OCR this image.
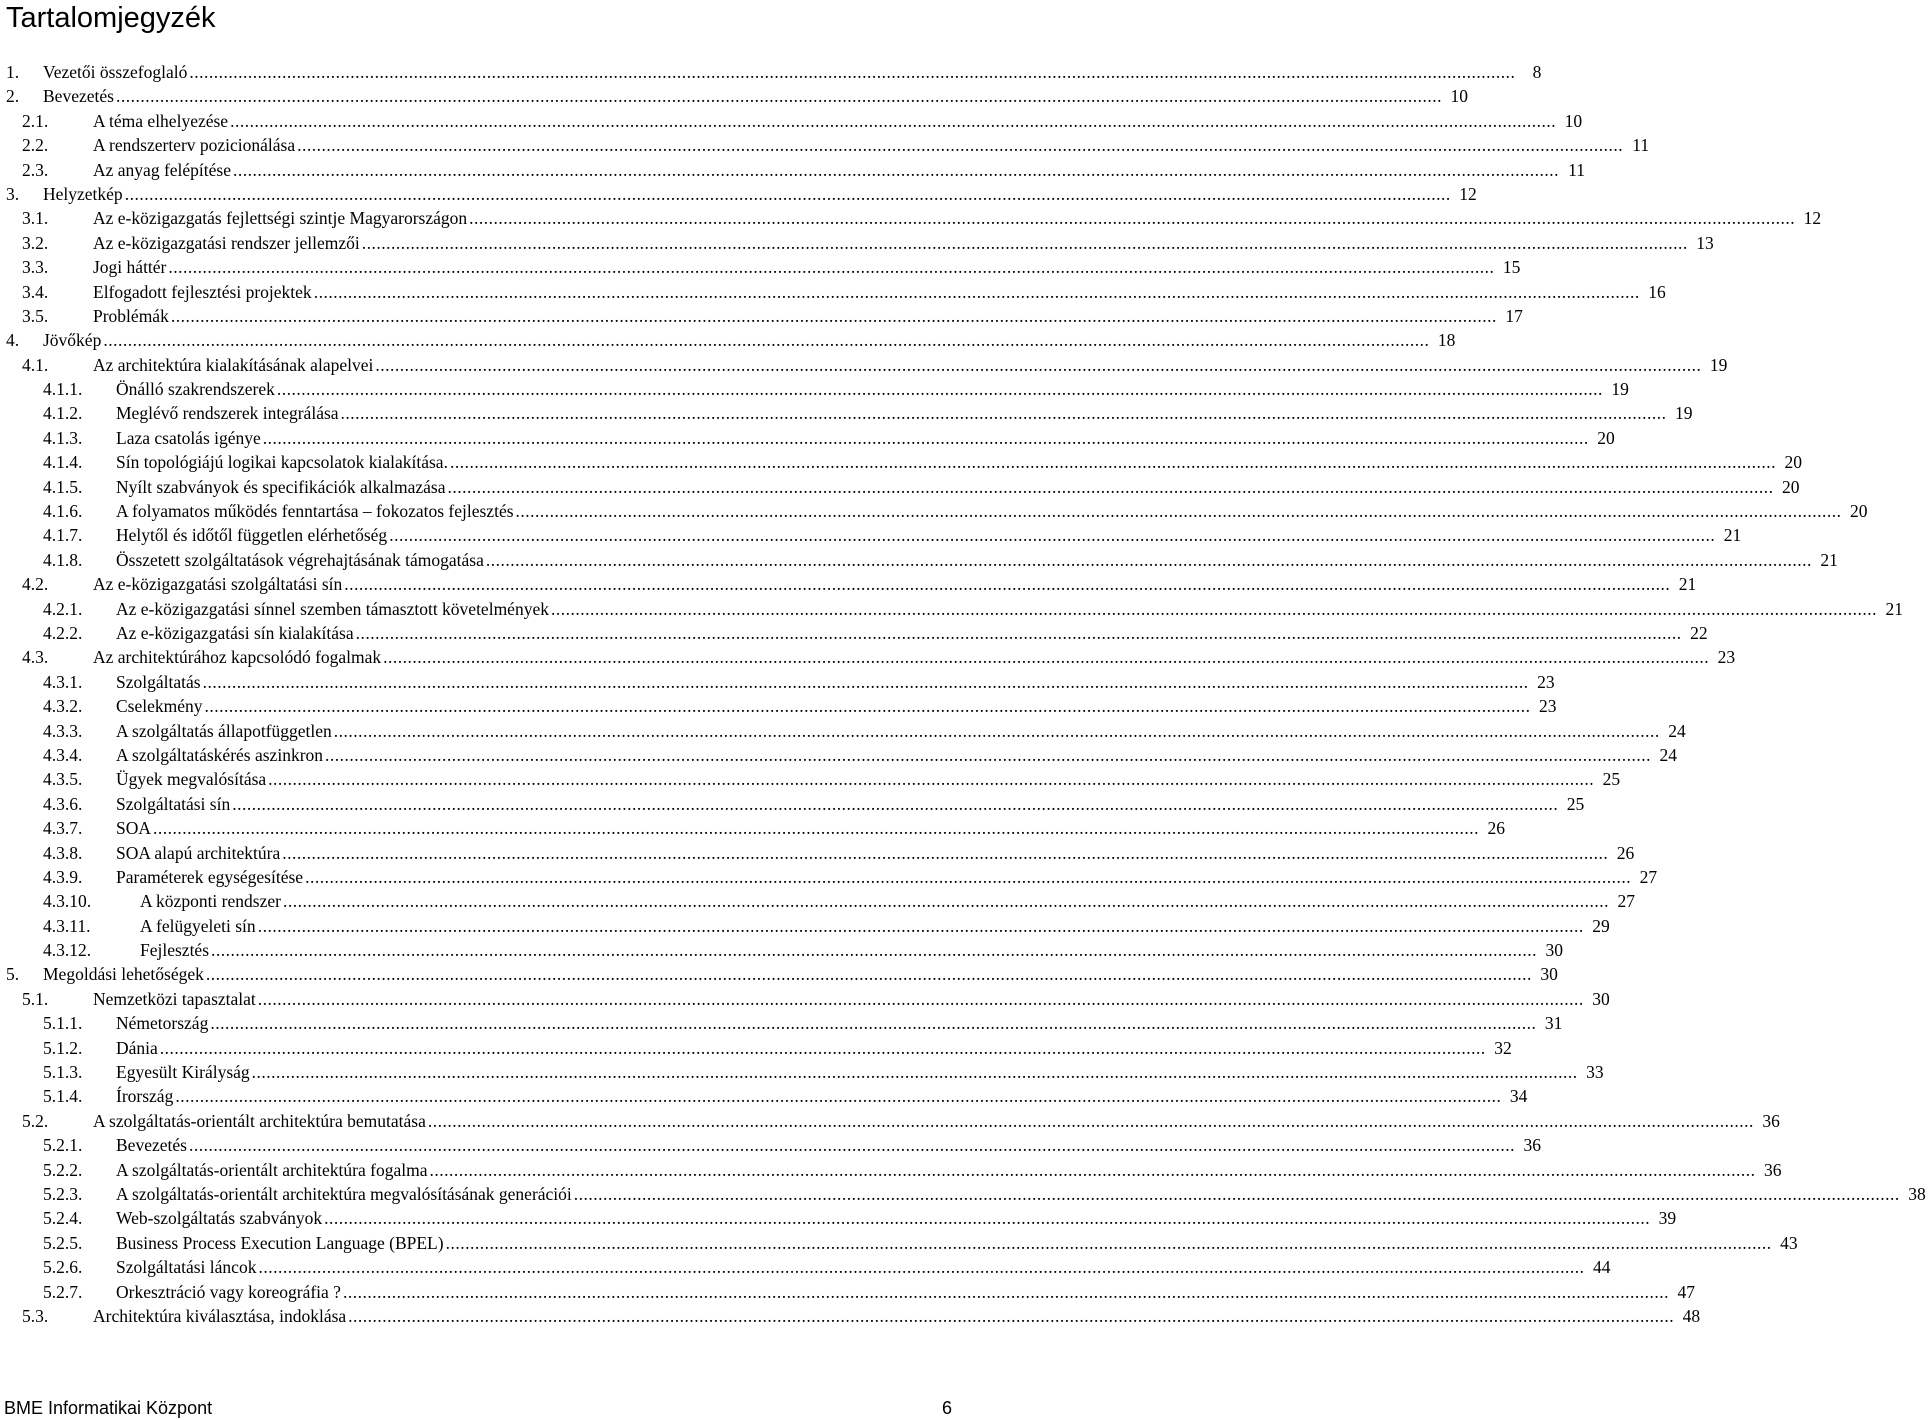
Tartalomjegyzék
1.	Vezetői összefoglaló .....	8
2.	Bevezetés .....	10
2.1.	A téma elhelyezése .....	10
2.2.	A rendszerterv pozicionálása .....	11
2.3.	Az anyag felépítése .....	11
3.	Helyzetkép .....	12
3.1.	Az e-közigazgatás fejlettségi szintje Magyarországon .....	12
3.2.	Az e-közigazgatási rendszer jellemzői .....	13
3.3.	Jogi háttér .....	15
3.4.	Elfogadott fejlesztési projektek .....	16
3.5.	Problémák .....	17
4.	Jövőkép .....	18
4.1.	Az architektúra kialakításának alapelvei .....	19
4.1.1.	Önálló szakrendszerek .....	19
4.1.2.	Meglévő rendszerek integrálása .....	19
4.1.3.	Laza csatolás igénye .....	20
4.1.4.	Sín topológiájú logikai kapcsolatok kialakítása. .....	20
4.1.5.	Nyílt szabványok és specifikációk alkalmazása .....	20
4.1.6.	A folyamatos működés fenntartása – fokozatos fejlesztés .....	20
4.1.7.	Helytől és időtől független elérhetőség .....	21
4.1.8.	Összetett szolgáltatások végrehajtásának támogatása .....	21
4.2.	Az e-közigazgatási szolgáltatási sín .....	21
4.2.1.	Az e-közigazgatási sínnel szemben támasztott követelmények .....	21
4.2.2.	Az e-közigazgatási sín kialakítása .....	22
4.3.	Az architektúrához kapcsolódó fogalmak .....	23
4.3.1.	Szolgáltatás .....	23
4.3.2.	Cselekmény .....	23
4.3.3.	A szolgáltatás állapotfüggetlen .....	24
4.3.4.	A szolgáltatáskérés aszinkron .....	24
4.3.5.	Ügyek megvalósítása .....	25
4.3.6.	Szolgáltatási sín .....	25
4.3.7.	SOA .....	26
4.3.8.	SOA alapú architektúra .....	26
4.3.9.	Paraméterek egységesítése .....	27
4.3.10.	A központi rendszer .....	27
4.3.11.	A felügyeleti sín .....	29
4.3.12.	Fejlesztés .....	30
5.	Megoldási lehetőségek .....	30
5.1.	Nemzetközi tapasztalat .....	30
5.1.1.	Németország .....	31
5.1.2.	Dánia .....	32
5.1.3.	Egyesült Királyság .....	33
5.1.4.	Írország .....	34
5.2.	A szolgáltatás-orientált architektúra bemutatása .....	36
5.2.1.	Bevezetés .....	36
5.2.2.	A szolgáltatás-orientált architektúra fogalma .....	36
5.2.3.	A szolgáltatás-orientált architektúra megvalósításának generációi .....	38
5.2.4.	Web-szolgáltatás szabványok .....	39
5.2.5.	Business Process Execution Language (BPEL) .....	43
5.2.6.	Szolgáltatási láncok .....	44
5.2.7.	Orkesztráció vagy koreográfia ? .....	47
5.3.	Architektúra kiválasztása, indoklása .....	48
BME Informatikai Központ	6
